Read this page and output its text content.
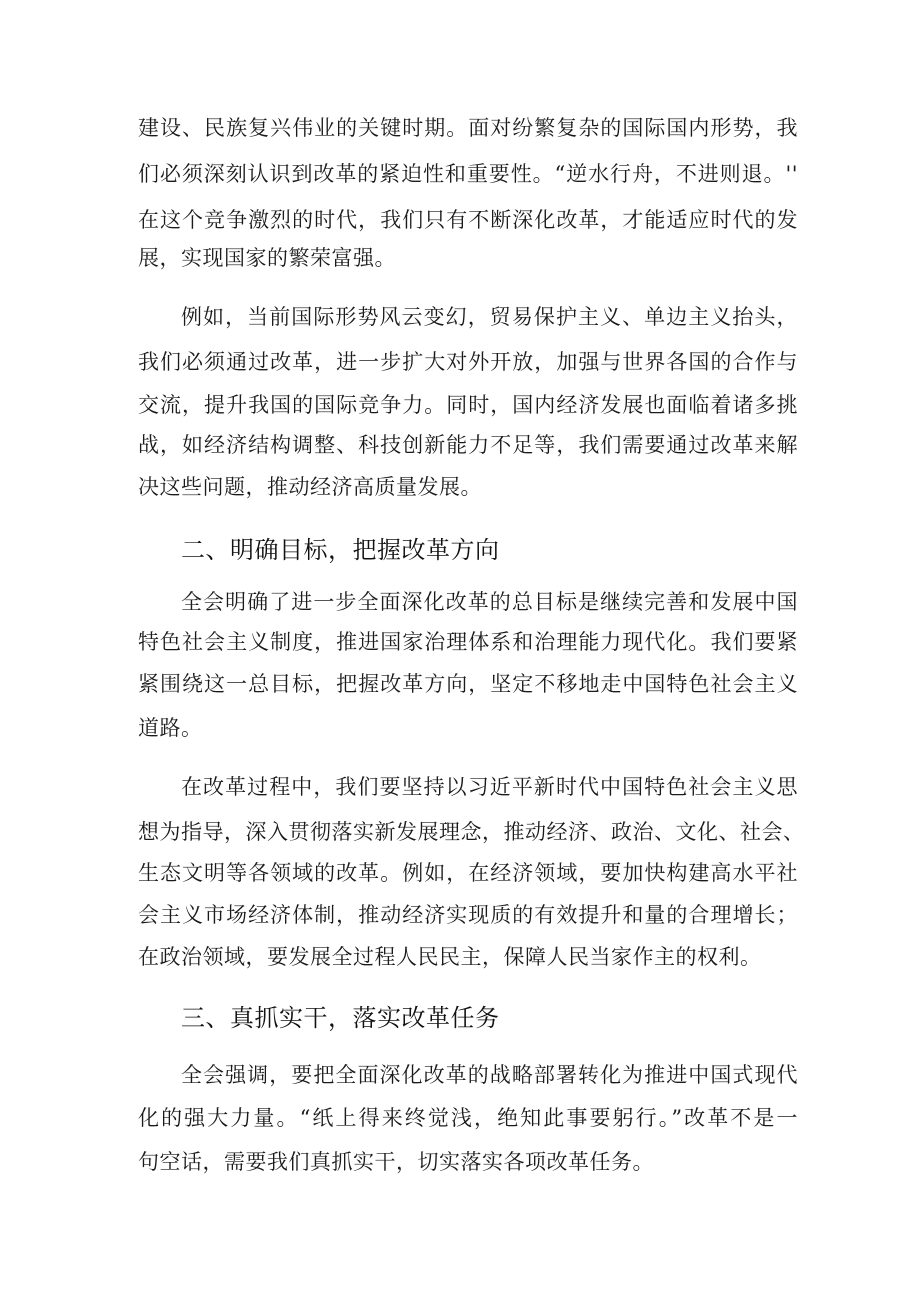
建设、民族复兴伟业的关键时期。面对纷繁复杂的国际国内形势，我
们必须深刻认识到改革的紧迫性和重要性。“逆水行舟，不进则退。''
在这个竞争激烈的时代，我们只有不断深化改革，才能适应时代的发
展，实现国家的繁荣富强。
例如，当前国际形势风云变幻，贸易保护主义、单边主义抬头，
我们必须通过改革，进一步扩大对外开放，加强与世界各国的合作与
交流，提升我国的国际竞争力。同时，国内经济发展也面临着诸多挑
战，如经济结构调整、科技创新能力不足等，我们需要通过改革来解
决这些问题，推动经济高质量发展。
二、明确目标，把握改革方向
全会明确了进一步全面深化改革的总目标是继续完善和发展中国
特色社会主义制度，推进国家治理体系和治理能力现代化。我们要紧
紧围绕这一总目标，把握改革方向，坚定不移地走中国特色社会主义
道路。
在改革过程中，我们要坚持以习近平新时代中国特色社会主义思
想为指导，深入贯彻落实新发展理念，推动经济、政治、文化、社会、
生态文明等各领域的改革。例如，在经济领域，要加快构建高水平社
会主义市场经济体制，推动经济实现质的有效提升和量的合理增长；
在政治领域，要发展全过程人民民主，保障人民当家作主的权利。
三、真抓实干，落实改革任务
全会强调，要把全面深化改革的战略部署转化为推进中国式现代
化的强大力量。“纸上得来终觉浅，绝知此事要躬行。”改革不是一
句空话，需要我们真抓实干，切实落实各项改革任务。
